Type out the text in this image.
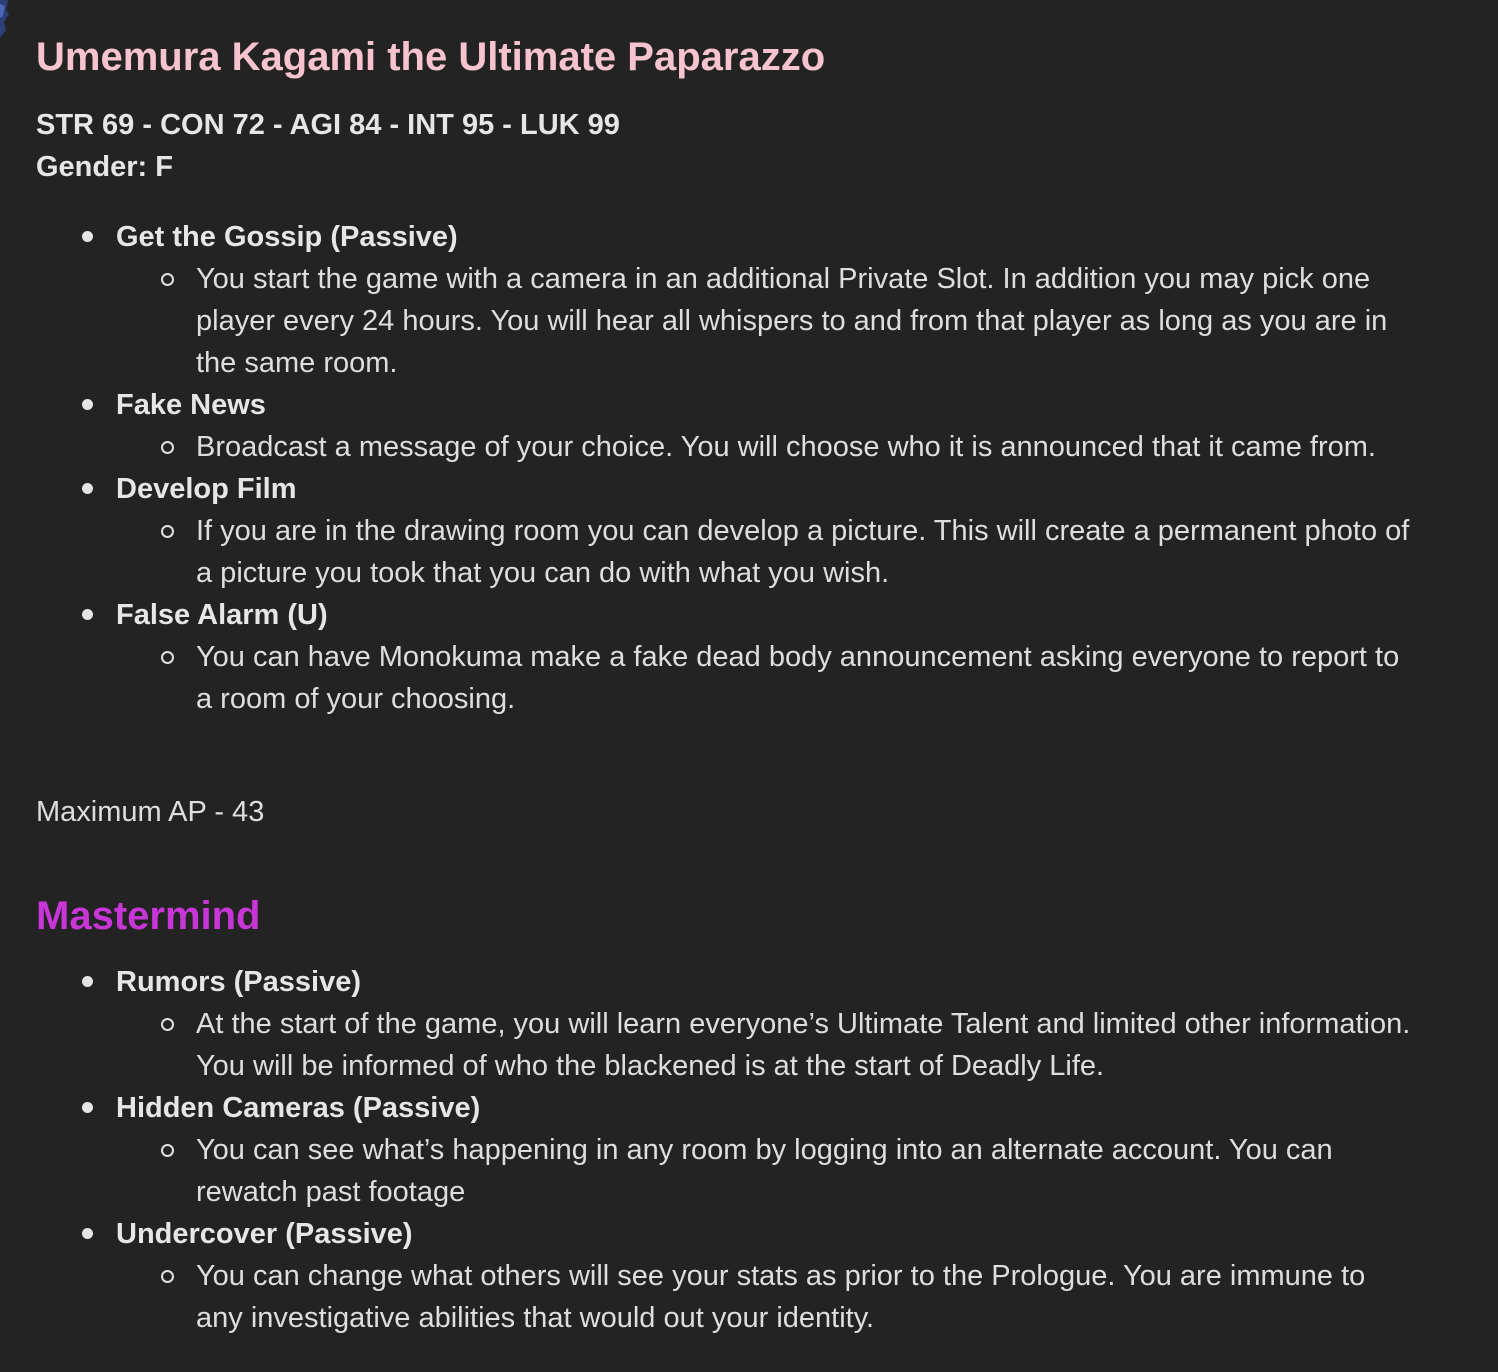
Umemura Kagami the Ultimate Paparazzo
STR 69 - CON 72 - AGI 84 - INT 95 - LUK 99
Gender: F
Get the Gossip (Passive)
You start the game with a camera in an additional Private Slot. In addition you may pick one player every 24 hours. You will hear all whispers to and from that player as long as you are in the same room.
Fake News
Broadcast a message of your choice. You will choose who it is announced that it came from.
Develop Film
If you are in the drawing room you can develop a picture. This will create a permanent photo of a picture you took that you can do with what you wish.
False Alarm (U)
You can have Monokuma make a fake dead body announcement asking everyone to report to a room of your choosing.
Maximum AP - 43
Mastermind
Rumors (Passive)
At the start of the game, you will learn everyone’s Ultimate Talent and limited other information. You will be informed of who the blackened is at the start of Deadly Life.
Hidden Cameras (Passive)
You can see what’s happening in any room by logging into an alternate account. You can rewatch past footage
Undercover (Passive)
You can change what others will see your stats as prior to the Prologue. You are immune to any investigative abilities that would out your identity.
